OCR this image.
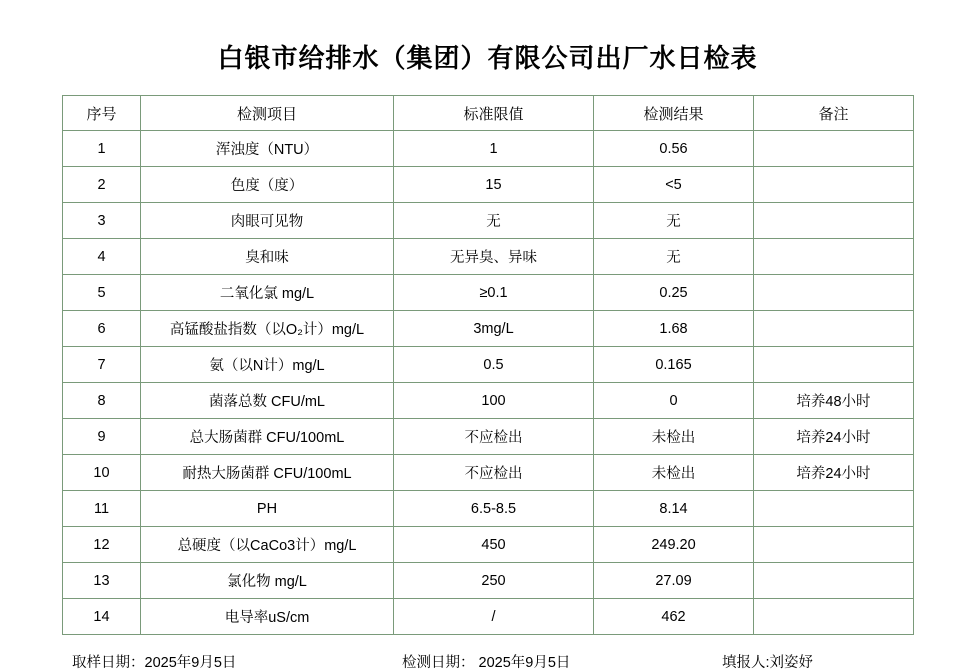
白银市给排水（集团）有限公司出厂水日检表
序号	检测项目	标准限值	检测结果	备注
1	浑浊度（NTU）	1	0.56	
2	色度（度）	15	<5	
3	肉眼可见物	无	无	
4	臭和味	无异臭、异味	无	
5	二氧化氯 mg/L	≥0.1	0.25	
6	高锰酸盐指数（以O₂计）mg/L	3mg/L	1.68	
7	氨（以N计）mg/L	0.5	0.165	
8	菌落总数 CFU/mL	100	0	培养48小时
9	总大肠菌群 CFU/100mL	不应检出	未检出	培养24小时
10	耐热大肠菌群 CFU/100mL	不应检出	未检出	培养24小时
11	PH	6.5-8.5	8.14	
12	总硬度（以CaCo3计）mg/L	450	249.20	
13	氯化物 mg/L	250	27.09	
14	电导率uS/cm	/	462	
取样日期：2025年9月5日	检测日期： 2025年9月5日	填报人:刘姿妤
